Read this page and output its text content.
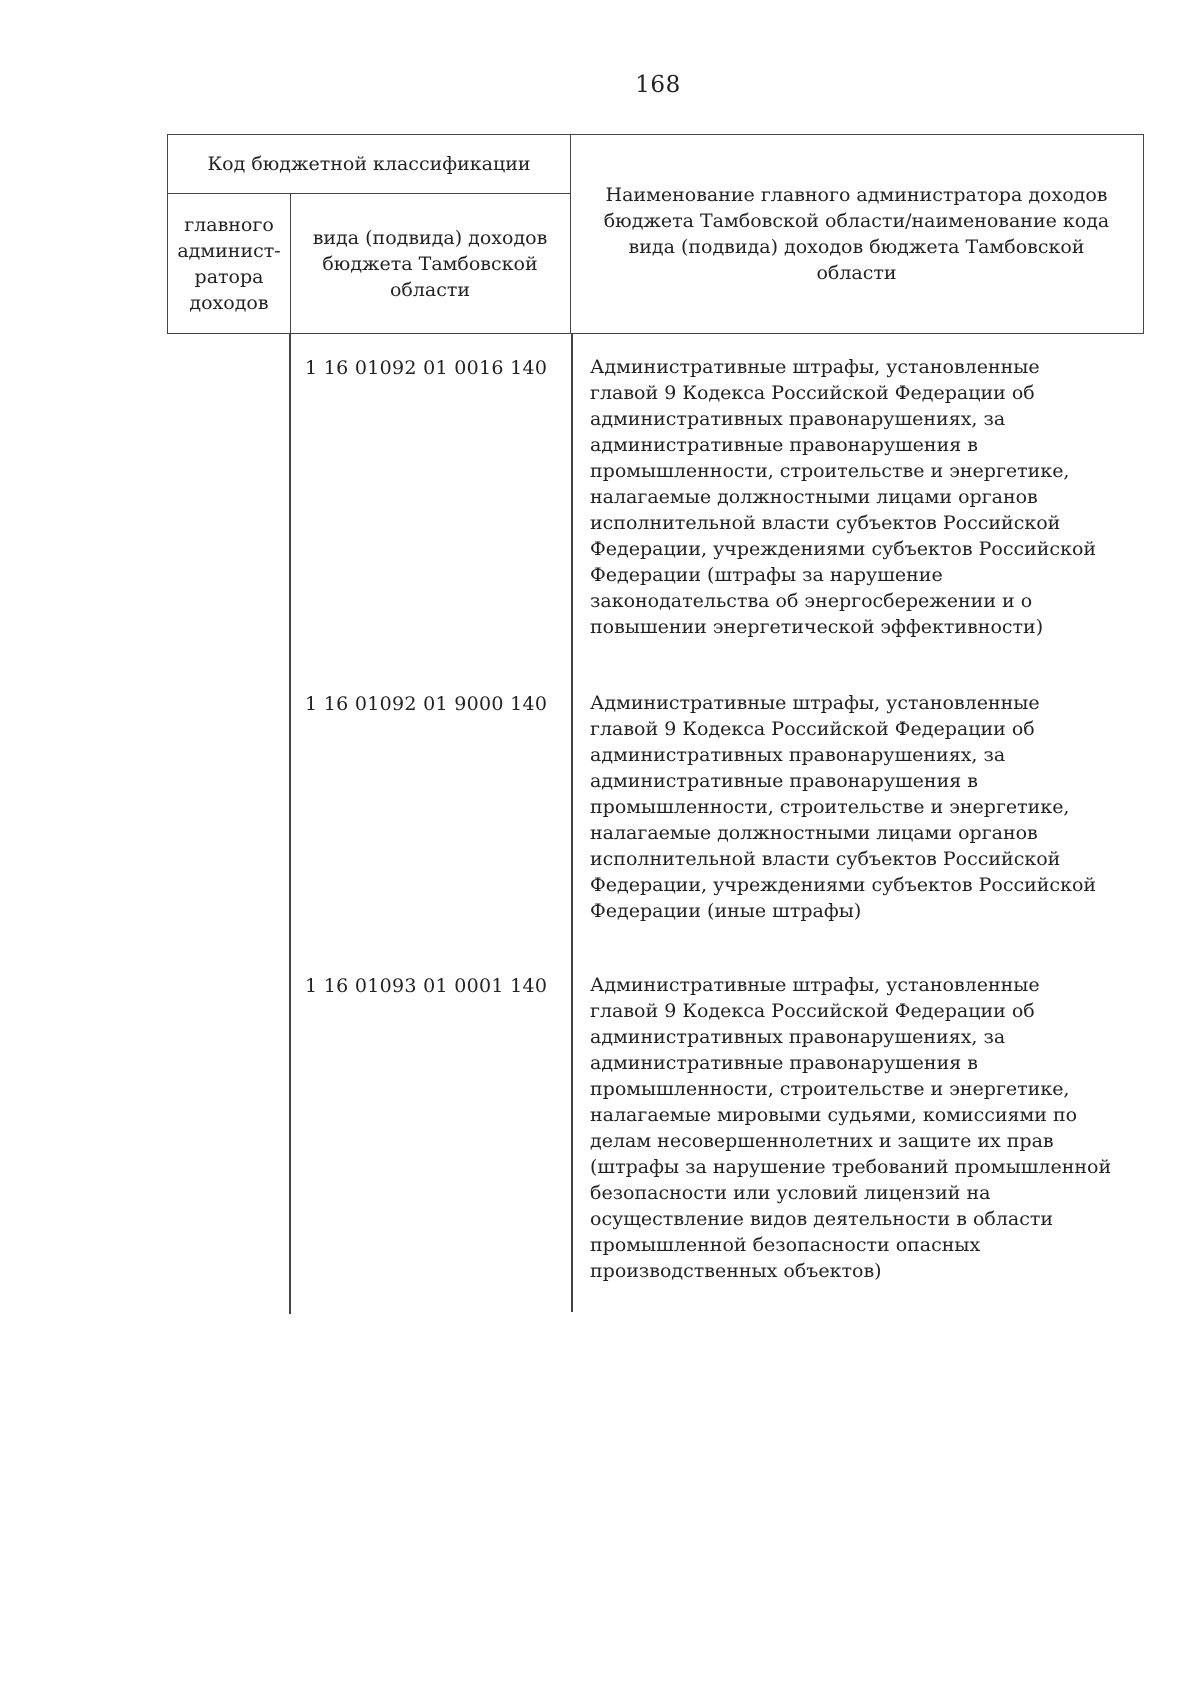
168
Код бюджетной классификации
главного админист-ратора доходов
вида (подвида) доходов бюджета Тамбовской области
Наименование главного администратора доходов бюджета Тамбовской области/наименование кода вида (подвида) доходов бюджета Тамбовской области
1 16 01092 01 0016 140	Административные штрафы, установленные
главой 9 Кодекса Российской Федерации об
административных правонарушениях, за
административные правонарушения в
промышленности, строительстве и энергетике,
налагаемые должностными лицами органов
исполнительной власти субъектов Российской
Федерации, учреждениями субъектов Российской
Федерации (штрафы за нарушение
законодательства об энергосбережении и о
повышении энергетической эффективности)
1 16 01092 01 9000 140	Административные штрафы, установленные
главой 9 Кодекса Российской Федерации об
административных правонарушениях, за
административные правонарушения в
промышленности, строительстве и энергетике,
налагаемые должностными лицами органов
исполнительной власти субъектов Российской
Федерации, учреждениями субъектов Российской
Федерации (иные штрафы)
1 16 01093 01 0001 140	Административные штрафы, установленные
главой 9 Кодекса Российской Федерации об
административных правонарушениях, за
административные правонарушения в
промышленности, строительстве и энергетике,
налагаемые мировыми судьями, комиссиями по
делам несовершеннолетних и защите их прав
(штрафы за нарушение требований промышленной
безопасности или условий лицензий на
осуществление видов деятельности в области
промышленной безопасности опасных
производственных объектов)
